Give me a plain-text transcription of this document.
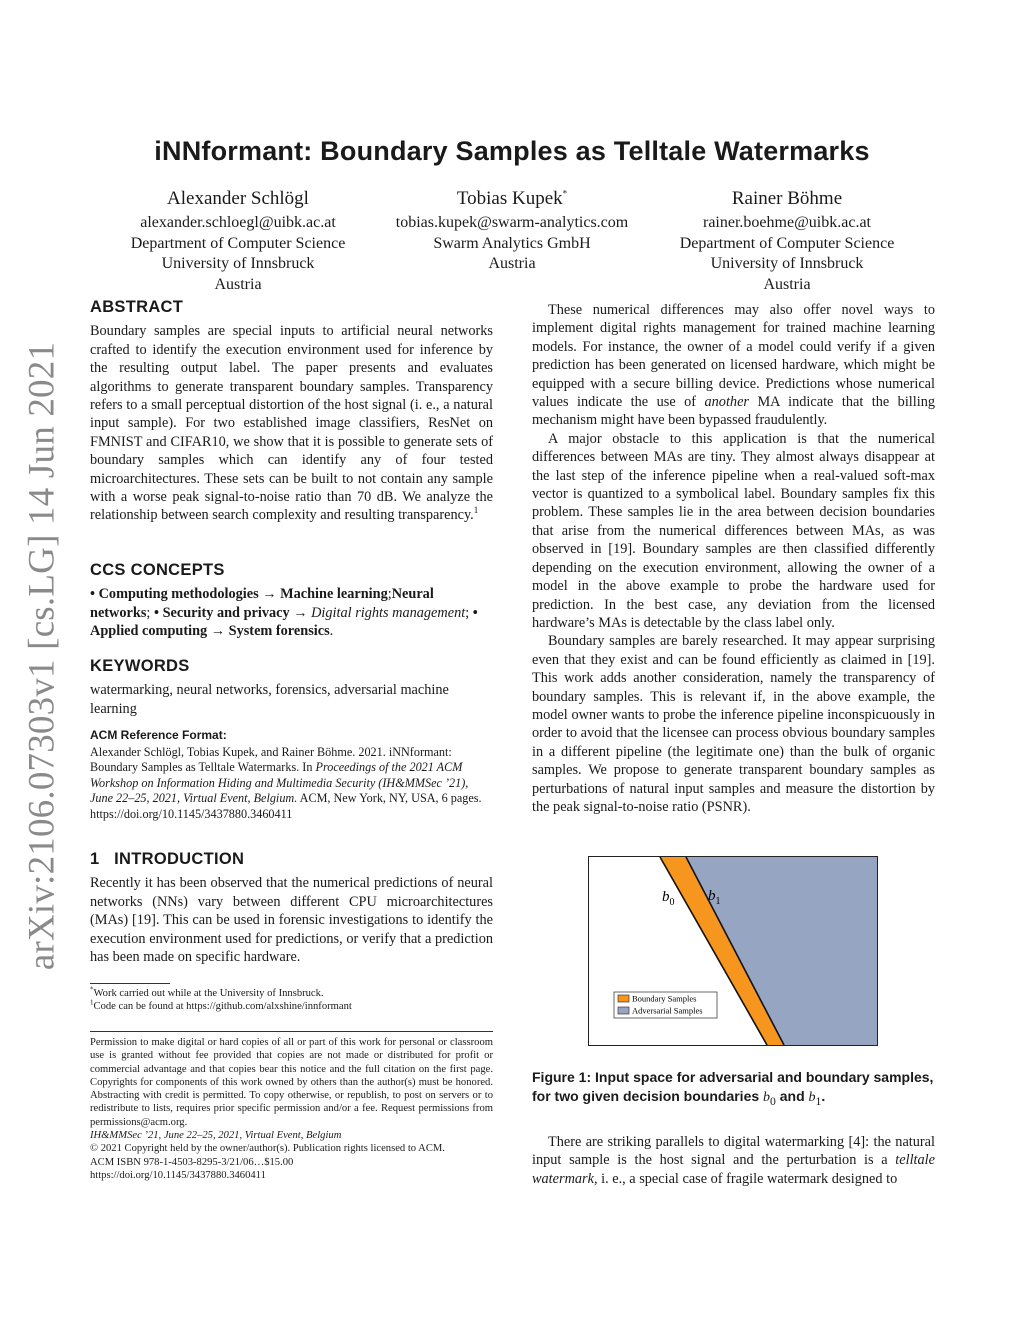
arXiv:2106.07303v1 [cs.LG] 14 Jun 2021
iNNformant: Boundary Samples as Telltale Watermarks
Alexander Schlögl
alexander.schloegl@uibk.ac.at
Department of Computer Science
University of Innsbruck
Austria
Tobias Kupek*
tobias.kupek@swarm-analytics.com
Swarm Analytics GmbH
Austria
Rainer Böhme
rainer.boehme@uibk.ac.at
Department of Computer Science
University of Innsbruck
Austria
ABSTRACT

Boundary samples are special inputs to artificial neural networks crafted to identify the execution environment used for inference by the resulting output label. The paper presents and evaluates algorithms to generate transparent boundary samples. Transparency refers to a small perceptual distortion of the host signal (i. e., a natural input sample). For two established image classifiers, ResNet on FMNIST and CIFAR10, we show that it is possible to generate sets of boundary samples which can identify any of four tested microarchitectures. These sets can be built to not contain any sample with a worse peak signal-to-noise ratio than 70 dB. We analyze the relationship between search complexity and resulting transparency.$^1$

CCS CONCEPTS

• Computing methodologies → Machine learning;Neural networks; • Security and privacy → Digital rights management; • Applied computing → System forensics.

KEYWORDS

watermarking, neural networks, forensics, adversarial machine learning

ACM Reference Format:

Alexander Schlögl, Tobias Kupek, and Rainer Böhme. 2021. iNNformant: Boundary Samples as Telltale Watermarks. In Proceedings of the 2021 ACM Workshop on Information Hiding and Multimedia Security (IH&MMSec ’21), June 22–25, 2021, Virtual Event, Belgium. ACM, New York, NY, USA, 6 pages. https://doi.org/10.1145/3437880.3460411

1   INTRODUCTION

Recently it has been observed that the numerical predictions of neural networks (NNs) vary between different CPU microarchitectures (MAs) [19]. This can be used in forensic investigations to identify the execution environment used for predictions, or verify that a prediction has been made on specific hardware.

*Work carried out while at the University of Innsbruck.
$^1$Code can be found at https://github.com/alxshine/innformant

Permission to make digital or hard copies of all or part of this work for personal or classroom use is granted without fee provided that copies are not made or distributed for profit or commercial advantage and that copies bear this notice and the full citation on the first page. Copyrights for components of this work owned by others than the author(s) must be honored. Abstracting with credit is permitted. To copy otherwise, or republish, to post on servers or to redistribute to lists, requires prior specific permission and/or a fee. Request permissions from permissions@acm.org.

IH&MMSec ’21, June 22–25, 2021, Virtual Event, Belgium

© 2021 Copyright held by the owner/author(s). Publication rights licensed to ACM.

ACM ISBN 978-1-4503-8295-3/21/06…$15.00

https://doi.org/10.1145/3437880.3460411

These numerical differences may also offer novel ways to implement digital rights management for trained machine learning models. For instance, the owner of a model could verify if a given prediction has been generated on licensed hardware, which might be equipped with a secure billing device. Predictions whose numerical values indicate the use of another MA indicate that the billing mechanism might have been bypassed fraudulently.

A major obstacle to this application is that the numerical differences between MAs are tiny. They almost always disappear at the last step of the inference pipeline when a real-valued soft-max vector is quantized to a symbolical label. Boundary samples fix this problem. These samples lie in the area between decision boundaries that arise from the numerical differences between MAs, as was observed in [19]. Boundary samples are then classified differently depending on the execution environment, allowing the owner of a model in the above example to probe the hardware used for prediction. In the best case, any deviation from the licensed hardware’s MAs is detectable by the class label only.

Boundary samples are barely researched. It may appear surprising even that they exist and can be found efficiently as claimed in [19]. This work adds another consideration, namely the transparency of boundary samples. This is relevant if, in the above example, the model owner wants to probe the inference pipeline inconspicuously in order to avoid that the licensee can process obvious boundary samples in a different pipeline (the legitimate one) than the bulk of organic samples. We propose to generate transparent boundary samples as perturbations of natural input samples and measure the distortion by the peak signal-to-noise ratio (PSNR).

$b_0$ $b_1$
Boundary Samples
Adversarial Samples
Figure 1: Input space for adversarial and boundary samples, for two given decision boundaries $b_0$ and $b_1$.

There are striking parallels to digital watermarking [4]: the natural input sample is the host signal and the perturbation is a telltale watermark, i. e., a special case of fragile watermark designed to
